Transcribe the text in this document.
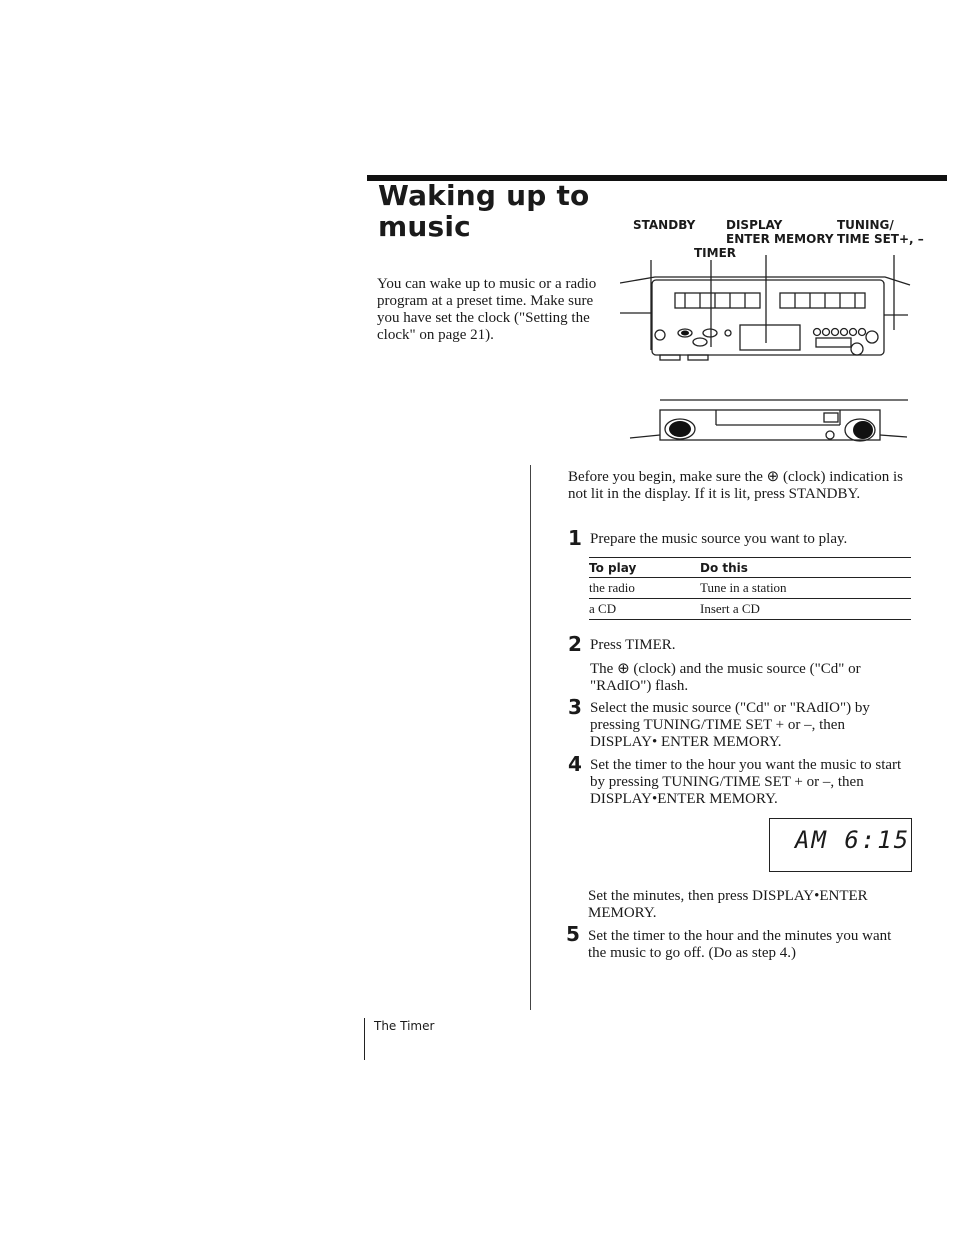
Waking up to
music
You can wake up to music or a radio program at a preset time. Make sure you have set the clock ("Setting the clock" on page 21).
STANDBY	DISPLAY
ENTER MEMORY
TIMER
TUNING/
TIME SET+, –
Before you begin, make sure the ⊕ (clock) indication is not lit in the display. If it is lit, press STANDBY.
1 Prepare the music source you want to play.
To play	Do this
the radio	Tune in a station
a CD	Insert a CD
2 Press TIMER.
The ⊕ (clock) and the music source ("Cd" or "RAdIO") flash.
3 Select the music source ("Cd" or "RAdIO") by pressing TUNING/TIME SET + or –, then DISPLAY• ENTER MEMORY.
4 Set the timer to the hour you want the music to start by pressing TUNING/TIME SET + or –, then DISPLAY•ENTER MEMORY.
AM 6:15
Set the minutes, then press DISPLAY•ENTER MEMORY.
5 Set the timer to the hour and the minutes you want the music to go off. (Do as step 4.)
The Timer
